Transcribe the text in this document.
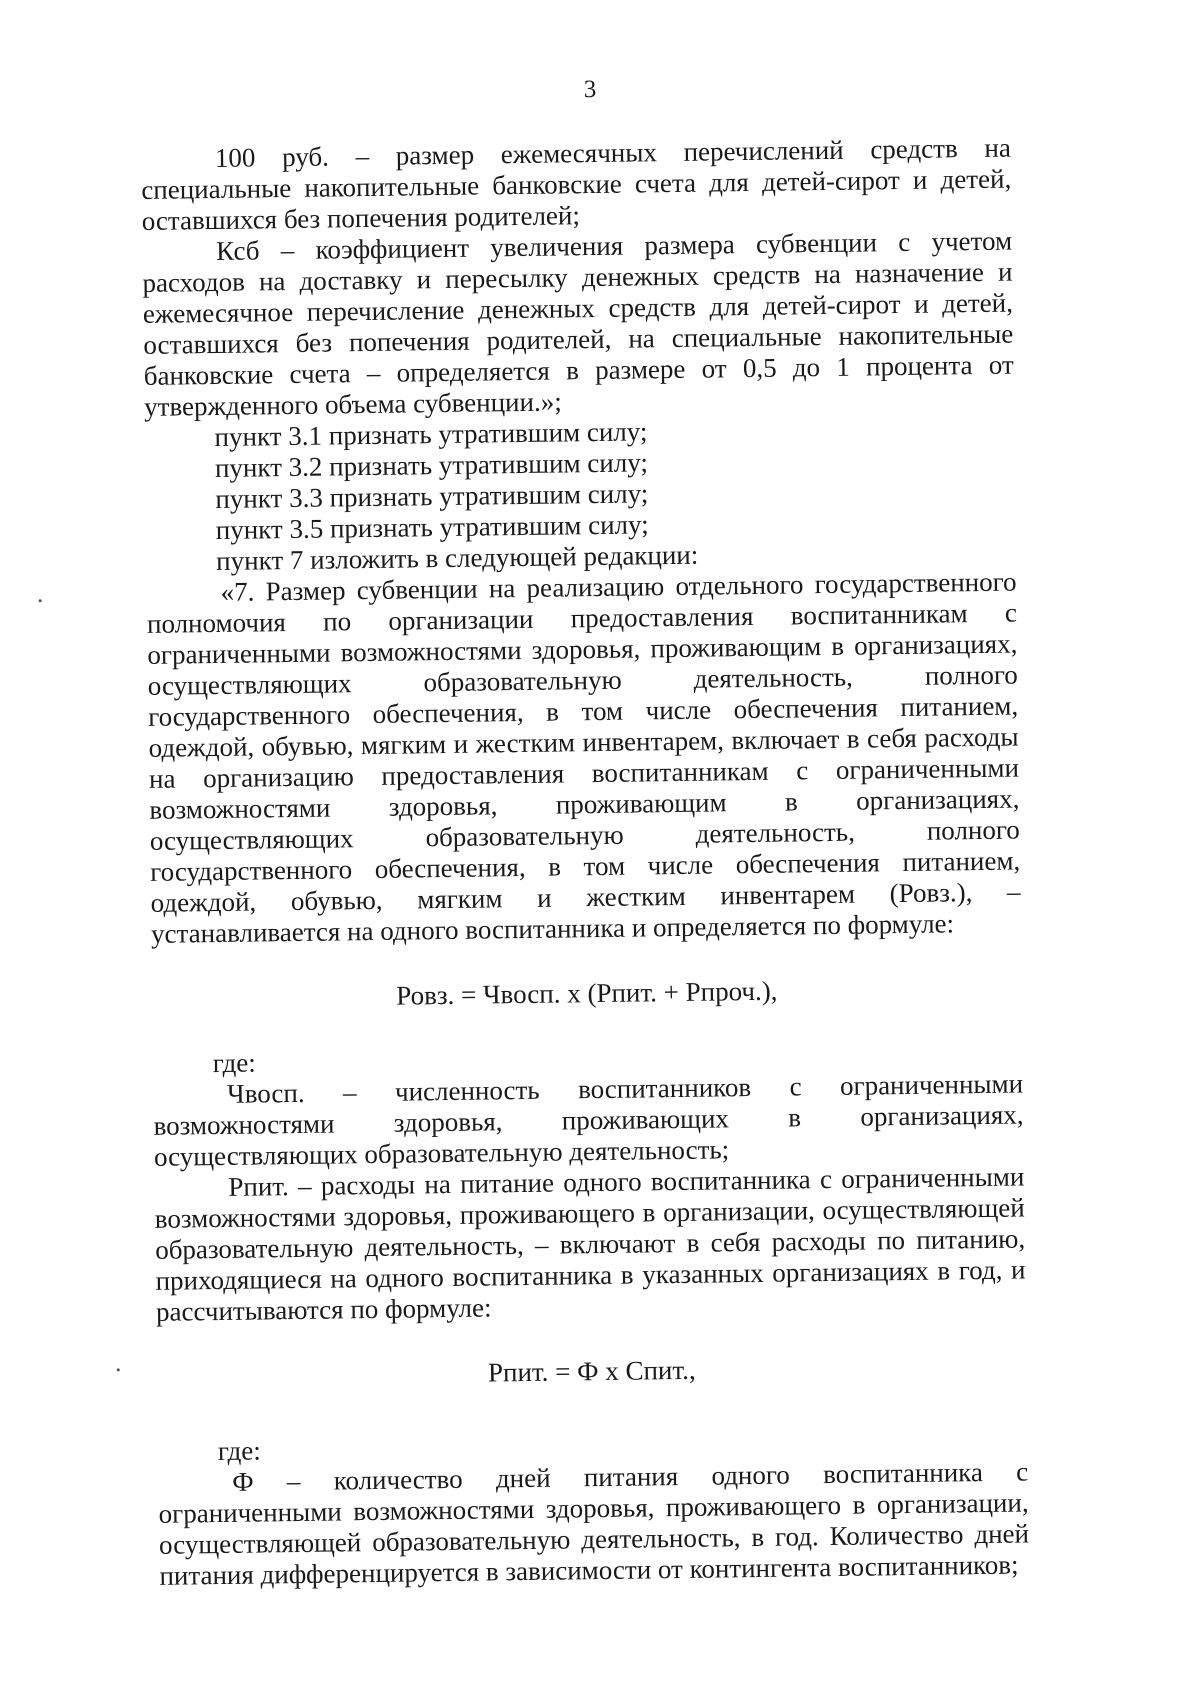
3

100 руб. – размер ежемесячных перечислений средств на специальные накопительные банковские счета для детей-сирот и детей, оставшихся без попечения родителей;

Ксб – коэффициент увеличения размера субвенции с учетом расходов на доставку и пересылку денежных средств на назначение и ежемесячное перечисление денежных средств для детей-сирот и детей, оставшихся без попечения родителей, на специальные накопительные банковские счета – определяется в размере от 0,5 до 1 процента от утвержденного объема субвенции.»;

пункт 3.1 признать утратившим силу;

пункт 3.2 признать утратившим силу;

пункт 3.3 признать утратившим силу;

пункт 3.5 признать утратившим силу;

пункт 7 изложить в следующей редакции:

«7. Размер субвенции на реализацию отдельного государственного полномочия по организации предоставления воспитанникам с ограниченными возможностями здоровья, проживающим в организациях, осуществляющих образовательную деятельность, полного государственного обеспечения, в том числе обеспечения питанием, одеждой, обувью, мягким и жестким инвентарем, включает в себя расходы на организацию предоставления воспитанникам с ограниченными возможностями здоровья, проживающим в организациях, осуществляющих образовательную деятельность, полного государственного обеспечения, в том числе обеспечения питанием, одеждой, обувью, мягким и жестким инвентарем (Ровз.), – устанавливается на одного воспитанника и определяется по формуле:

Ровз. = Чвосп. х (Рпит. + Рпроч.),

где:

Чвосп. – численность воспитанников с ограниченными возможностями здоровья, проживающих в организациях, осуществляющих образовательную деятельность;

Рпит. – расходы на питание одного воспитанника с ограниченными возможностями здоровья, проживающего в организации, осуществляющей образовательную деятельность, – включают в себя расходы по питанию, приходящиеся на одного воспитанника в указанных организациях в год, и рассчитываются по формуле:

Рпит. = Ф х Спит.,

где:

Ф – количество дней питания одного воспитанника с ограниченными возможностями здоровья, проживающего в организации, осуществляющей образовательную деятельность, в год. Количество дней питания дифференцируется в зависимости от контингента воспитанников;
